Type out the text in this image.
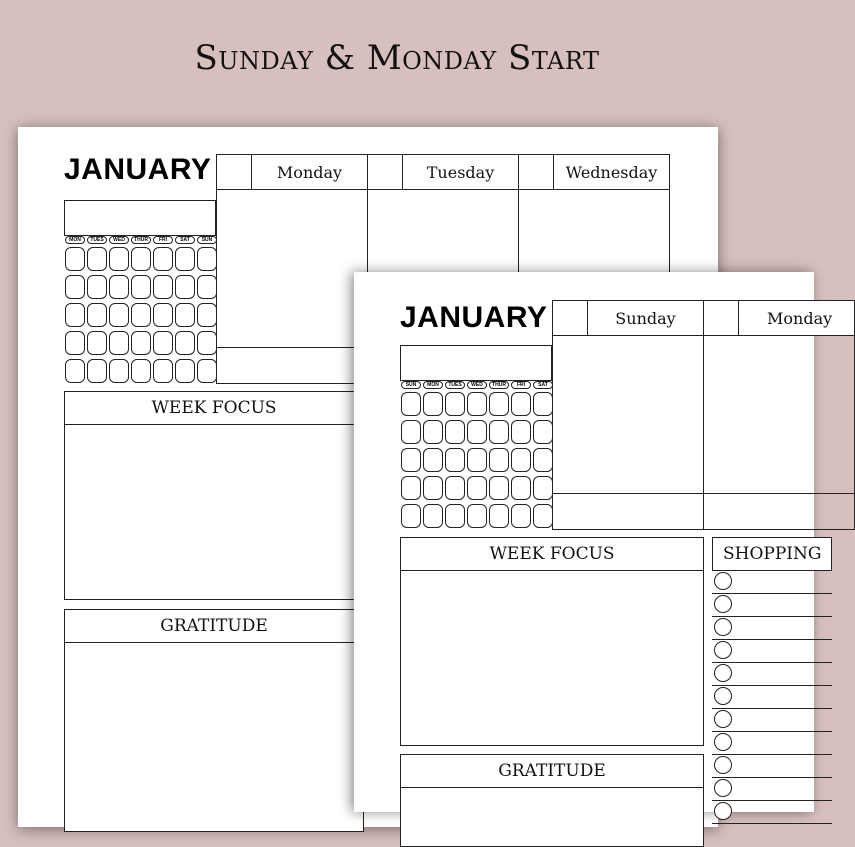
Sunday & Monday Start
JANUARY
MON	TUES	WED	THUR	FRI	SAT	SUN
Monday	Tuesday	Wednesday
WEEK FOCUS
GRATITUDE
JANUARY
SUN	MON	TUES	WED	THUR	FRI	SAT
Sunday	Monday
WEEK FOCUS
GRATITUDE
SHOPPING
